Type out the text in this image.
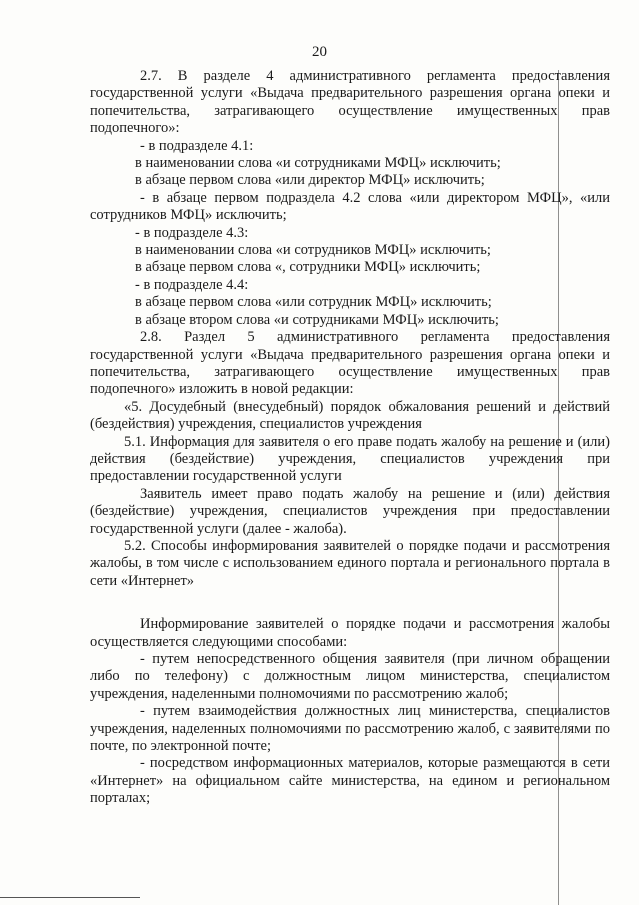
20

2.7. В разделе 4 административного регламента предоставления государственной услуги «Выдача предварительного разрешения органа опеки и попечительства, затрагивающего осуществление имущественных прав подопечного»:

- в подразделе 4.1:

в наименовании слова «и сотрудниками МФЦ» исключить;

в абзаце первом слова «или директор МФЦ» исключить;

- в абзаце первом подраздела 4.2 слова «или директором МФЦ», «или сотрудников МФЦ» исключить;

- в подразделе 4.3:

в наименовании слова «и сотрудников МФЦ» исключить;

в абзаце первом слова «, сотрудники МФЦ» исключить;

- в подразделе 4.4:

в абзаце первом слова «или сотрудник МФЦ» исключить;

в абзаце втором слова «и сотрудниками МФЦ» исключить;

2.8. Раздел 5 административного регламента предоставления государственной услуги «Выдача предварительного разрешения органа опеки и попечительства, затрагивающего осуществление имущественных прав подопечного» изложить в новой редакции:

«5. Досудебный (внесудебный) порядок обжалования решений и действий (бездействия) учреждения, специалистов учреждения

5.1. Информация для заявителя о его праве подать жалобу на решение и (или) действия (бездействие) учреждения, специалистов учреждения при предоставлении государственной услуги

Заявитель имеет право подать жалобу на решение и (или) действия (бездействие) учреждения, специалистов учреждения при предоставлении государственной услуги (далее - жалоба).

5.2. Способы информирования заявителей о порядке подачи и рассмотрения жалобы, в том числе с использованием единого портала и регионального портала в сети «Интернет»

Информирование заявителей о порядке подачи и рассмотрения жалобы осуществляется следующими способами:

- путем непосредственного общения заявителя (при личном обращении либо по телефону) с должностным лицом министерства, специалистом учреждения, наделенными полномочиями по рассмотрению жалоб;

- путем взаимодействия должностных лиц министерства, специалистов учреждения, наделенных полномочиями по рассмотрению жалоб, с заявителями по почте, по электронной почте;

- посредством информационных материалов, которые размещаются в сети «Интернет» на официальном сайте министерства, на едином и региональном порталах;
